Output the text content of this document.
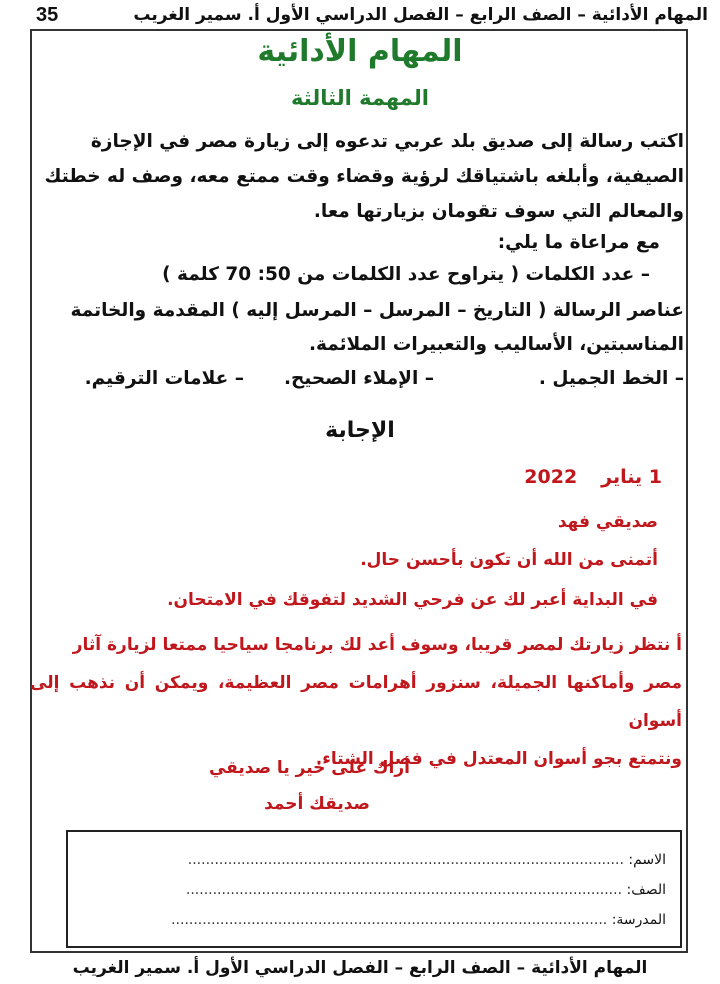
35	المهام الأدائية – الصف الرابع – الفصل الدراسي الأول أ. سمير الغريب
المهام الأدائية
المهمة الثالثة

اكتب رسالة إلى صديق بلد عربي تدعوه إلى زيارة مصر في الإجازة

الصيفية، وأبلغه باشتياقك لرؤية وقضاء وقت ممتع معه، وصف له خطتك

والمعالم التي سوف تقومان بزيارتها معا.

مع مراعاة ما يلي:
– عدد الكلمات ( يتراوح عدد الكلمات من 50: 70 كلمة )
عناصر الرسالة ( التاريخ – المرسل – المرسل إليه ) المقدمة والخاتمة
المناسبتين، الأساليب والتعبيرات الملائمة.
– الخط الجميل .
– الإملاء الصحيح.
– علامات الترقيم.
الإجابة
1 يناير2022
صديقي فهد
أتمنى من الله أن تكون بأحسن حال.
في البداية أعبر لك عن فرحي الشديد لتفوقك في الامتحان.

أ نتظر زيارتك لمصر قريبا، وسوف أعد لك برنامجا سياحيا ممتعا لزيارة آثار

مصر وأماكنها الجميلة، سنزور أهرامات مصر العظيمة، ويمكن أن نذهب إلى أسوان

ونتمتع بجو أسوان المعتدل في فصل الشتاء.

أراك على خير يا صديقي
صديقك أحمد
الاسم: ..................................................................................................
الصف: ..................................................................................................
المدرسة: ..................................................................................................
المهام الأدائية – الصف الرابع – الفصل الدراسي الأول أ. سمير الغريب
